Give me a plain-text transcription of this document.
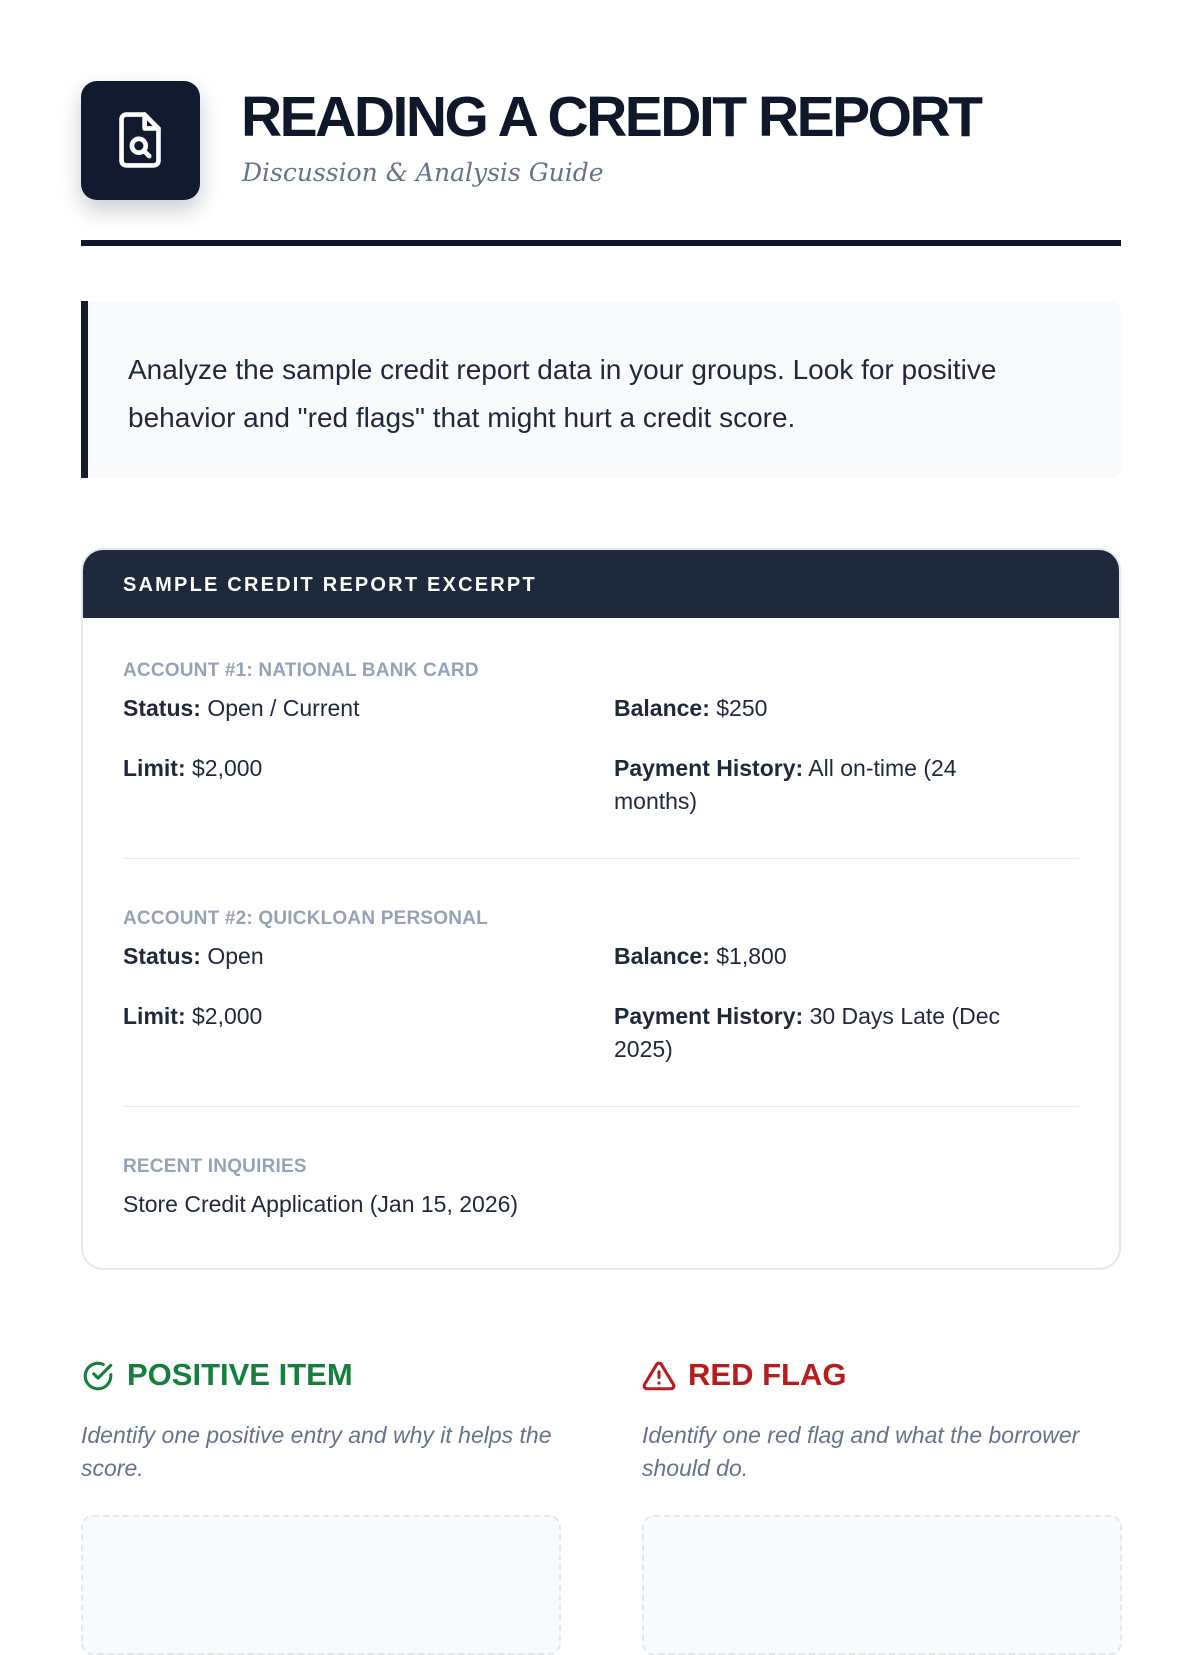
READING A CREDIT REPORT
Discussion & Analysis Guide
Analyze the sample credit report data in your groups. Look for positive behavior and "red flags" that might hurt a credit score.
SAMPLE CREDIT REPORT EXCERPT
ACCOUNT #1: NATIONAL BANK CARD
Status: Open / Current	Balance: $250
Limit: $2,000	Payment History: All on-time (24 months)
ACCOUNT #2: QUICKLOAN PERSONAL
Status: Open	Balance: $1,800
Limit: $2,000	Payment History: 30 Days Late (Dec 2025)
RECENT INQUIRIES
Store Credit Application (Jan 15, 2026)
POSITIVE ITEM
Identify one positive entry and why it helps the score.
RED FLAG
Identify one red flag and what the borrower should do.
